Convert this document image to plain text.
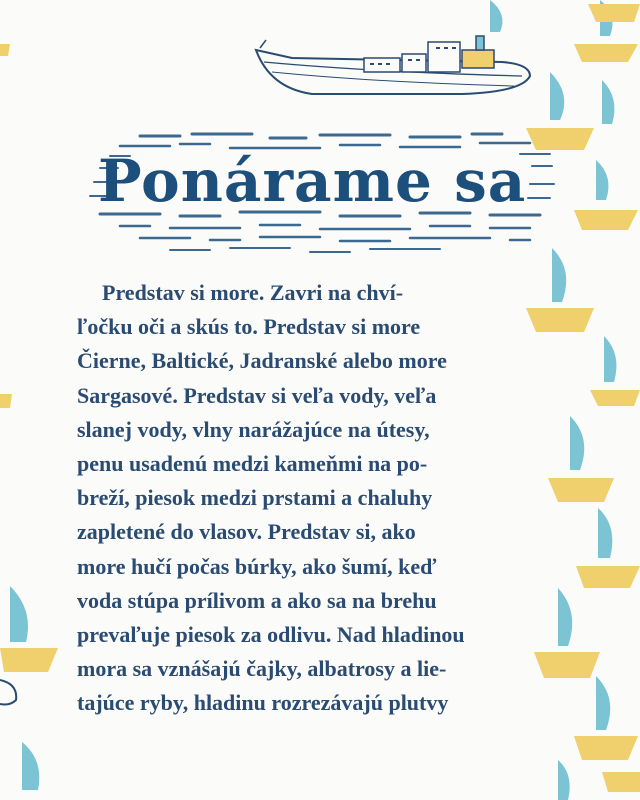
Ponárame sa
Predstav si more. Zavri na chví-
ľočku oči a skús to. Predstav si more
Čierne, Baltické, Jadranské alebo more
Sargasové. Predstav si veľa vody, veľa
slanej vody, vlny narážajúce na útesy,
penu usadenú medzi kameňmi na po-
breží, piesok medzi prstami a chaluhy
zapletené do vlasov. Predstav si, ako
more hučí počas búrky, ako šumí, keď
voda stúpa prílivom a ako sa na brehu
prevaľuje piesok za odlivu. Nad hladinou
mora sa vznášajú čajky, albatrosy a lie-
tajúce ryby, hladinu rozrezávajú plutvy
